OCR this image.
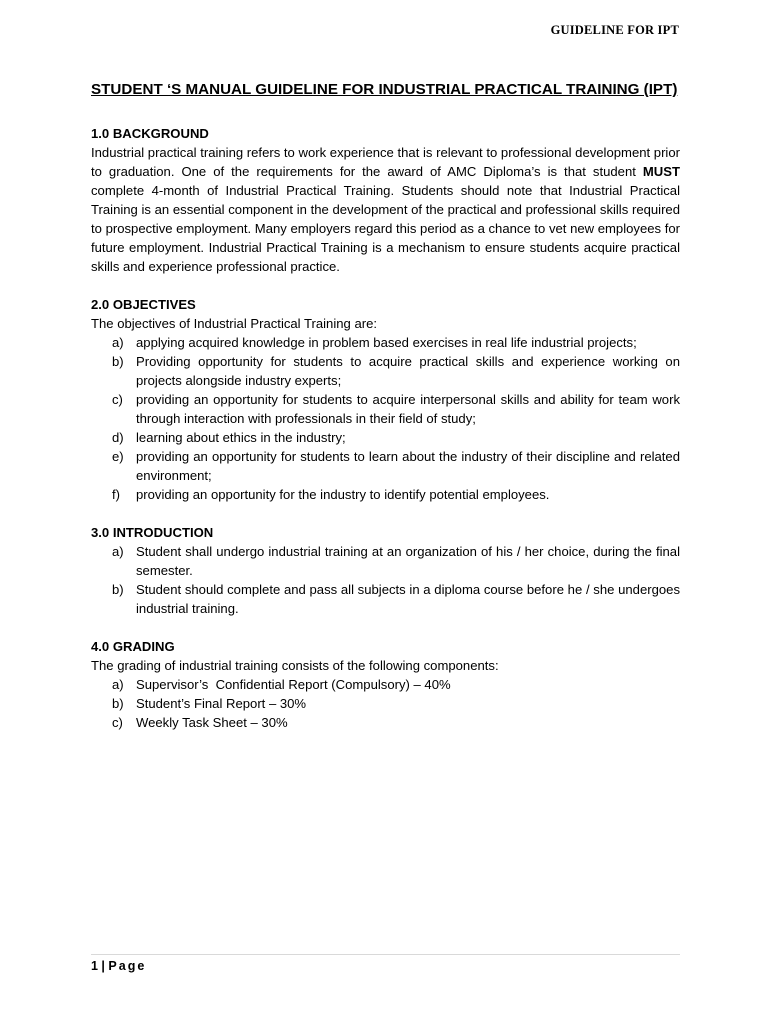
GUIDELINE FOR IPT
STUDENT ‘S MANUAL GUIDELINE FOR INDUSTRIAL PRACTICAL TRAINING (IPT)

1.0 BACKGROUND

Industrial practical training refers to work experience that is relevant to professional development prior to graduation. One of the requirements for the award of AMC Diploma’s is that student MUST complete 4-month of Industrial Practical Training. Students should note that Industrial Practical Training is an essential component in the development of the practical and professional skills required to prospective employment. Many employers regard this period as a chance to vet new employees for future employment. Industrial Practical Training is a mechanism to ensure students acquire practical skills and experience professional practice.

2.0 OBJECTIVES

The objectives of Industrial Practical Training are:

a) applying acquired knowledge in problem based exercises in real life industrial projects;
b) Providing opportunity for students to acquire practical skills and experience working on projects alongside industry experts;
c) providing an opportunity for students to acquire interpersonal skills and ability for team work through interaction with professionals in their field of study;
d) learning about ethics in the industry;
e) providing an opportunity for students to learn about the industry of their discipline and related environment;
f) providing an opportunity for the industry to identify potential employees.

3.0 INTRODUCTION

a) Student shall undergo industrial training at an organization of his / her choice, during the final semester.
b) Student should complete and pass all subjects in a diploma course before he / she undergoes industrial training.

4.0 GRADING

The grading of industrial training consists of the following components:

a) Supervisor’s  Confidential Report (Compulsory) – 40%
b) Student’s Final Report – 30%
c) Weekly Task Sheet – 30%
1 | Page
